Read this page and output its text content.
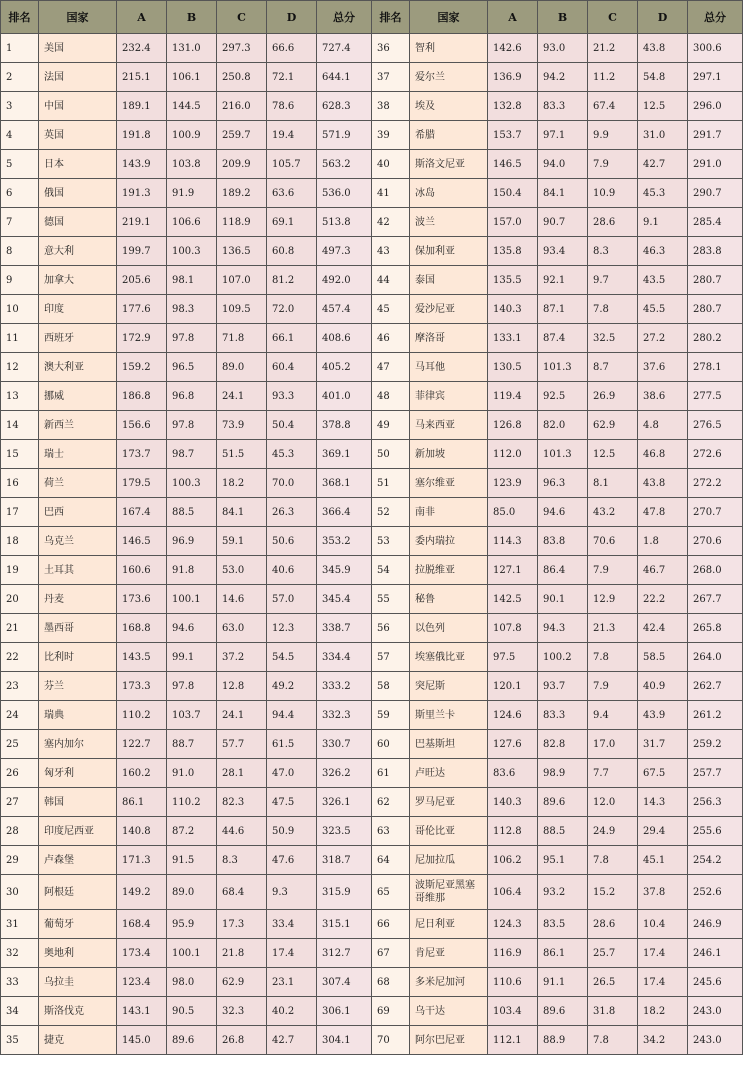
排名	国家	A	B	C	D	总分	排名	国家	A	B	C	D	总分
1	美国	232.4	131.0	297.3	66.6	727.4	36	智利	142.6	93.0	21.2	43.8	300.6
2	法国	215.1	106.1	250.8	72.1	644.1	37	爱尔兰	136.9	94.2	11.2	54.8	297.1
3	中国	189.1	144.5	216.0	78.6	628.3	38	埃及	132.8	83.3	67.4	12.5	296.0
4	英国	191.8	100.9	259.7	19.4	571.9	39	希腊	153.7	97.1	9.9	31.0	291.7
5	日本	143.9	103.8	209.9	105.7	563.2	40	斯洛文尼亚	146.5	94.0	7.9	42.7	291.0
6	俄国	191.3	91.9	189.2	63.6	536.0	41	冰岛	150.4	84.1	10.9	45.3	290.7
7	德国	219.1	106.6	118.9	69.1	513.8	42	波兰	157.0	90.7	28.6	9.1	285.4
8	意大利	199.7	100.3	136.5	60.8	497.3	43	保加利亚	135.8	93.4	8.3	46.3	283.8
9	加拿大	205.6	98.1	107.0	81.2	492.0	44	泰国	135.5	92.1	9.7	43.5	280.7
10	印度	177.6	98.3	109.5	72.0	457.4	45	爱沙尼亚	140.3	87.1	7.8	45.5	280.7
11	西班牙	172.9	97.8	71.8	66.1	408.6	46	摩洛哥	133.1	87.4	32.5	27.2	280.2
12	澳大利亚	159.2	96.5	89.0	60.4	405.2	47	马耳他	130.5	101.3	8.7	37.6	278.1
13	挪威	186.8	96.8	24.1	93.3	401.0	48	菲律宾	119.4	92.5	26.9	38.6	277.5
14	新西兰	156.6	97.8	73.9	50.4	378.8	49	马来西亚	126.8	82.0	62.9	4.8	276.5
15	瑞士	173.7	98.7	51.5	45.3	369.1	50	新加坡	112.0	101.3	12.5	46.8	272.6
16	荷兰	179.5	100.3	18.2	70.0	368.1	51	塞尔维亚	123.9	96.3	8.1	43.8	272.2
17	巴西	167.4	88.5	84.1	26.3	366.4	52	南非	85.0	94.6	43.2	47.8	270.7
18	乌克兰	146.5	96.9	59.1	50.6	353.2	53	委内瑞拉	114.3	83.8	70.6	1.8	270.6
19	土耳其	160.6	91.8	53.0	40.6	345.9	54	拉脱维亚	127.1	86.4	7.9	46.7	268.0
20	丹麦	173.6	100.1	14.6	57.0	345.4	55	秘鲁	142.5	90.1	12.9	22.2	267.7
21	墨西哥	168.8	94.6	63.0	12.3	338.7	56	以色列	107.8	94.3	21.3	42.4	265.8
22	比利时	143.5	99.1	37.2	54.5	334.4	57	埃塞俄比亚	97.5	100.2	7.8	58.5	264.0
23	芬兰	173.3	97.8	12.8	49.2	333.2	58	突尼斯	120.1	93.7	7.9	40.9	262.7
24	瑞典	110.2	103.7	24.1	94.4	332.3	59	斯里兰卡	124.6	83.3	9.4	43.9	261.2
25	塞内加尔	122.7	88.7	57.7	61.5	330.7	60	巴基斯坦	127.6	82.8	17.0	31.7	259.2
26	匈牙利	160.2	91.0	28.1	47.0	326.2	61	卢旺达	83.6	98.9	7.7	67.5	257.7
27	韩国	86.1	110.2	82.3	47.5	326.1	62	罗马尼亚	140.3	89.6	12.0	14.3	256.3
28	印度尼西亚	140.8	87.2	44.6	50.9	323.5	63	哥伦比亚	112.8	88.5	24.9	29.4	255.6
29	卢森堡	171.3	91.5	8.3	47.6	318.7	64	尼加拉瓜	106.2	95.1	7.8	45.1	254.2
30	阿根廷	149.2	89.0	68.4	9.3	315.9	65	波斯尼亚黑塞哥维那	106.4	93.2	15.2	37.8	252.6
31	葡萄牙	168.4	95.9	17.3	33.4	315.1	66	尼日利亚	124.3	83.5	28.6	10.4	246.9
32	奥地利	173.4	100.1	21.8	17.4	312.7	67	肯尼亚	116.9	86.1	25.7	17.4	246.1
33	乌拉圭	123.4	98.0	62.9	23.1	307.4	68	多米尼加河	110.6	91.1	26.5	17.4	245.6
34	斯洛伐克	143.1	90.5	32.3	40.2	306.1	69	乌干达	103.4	89.6	31.8	18.2	243.0
35	捷克	145.0	89.6	26.8	42.7	304.1	70	阿尔巴尼亚	112.1	88.9	7.8	34.2	243.0
